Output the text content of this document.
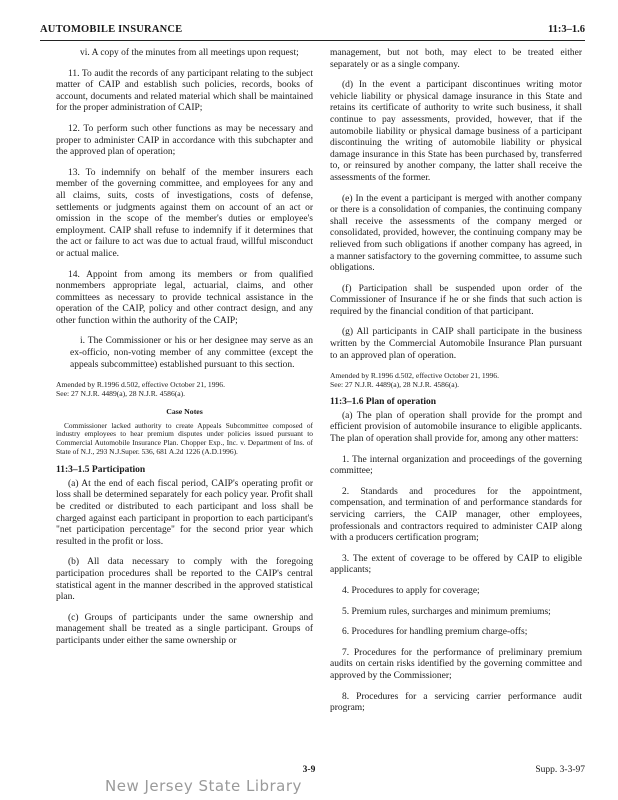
AUTOMOBILE INSURANCE	11:3–1.6

vi. A copy of the minutes from all meetings upon request;

11. To audit the records of any participant relating to the subject matter of CAIP and establish such policies, records, books of account, documents and related material which shall be maintained for the proper administration of CAIP;

12. To perform such other functions as may be necessary and proper to administer CAIP in accordance with this subchapter and the approved plan of operation;

13. To indemnify on behalf of the member insurers each member of the governing committee, and employees for any and all claims, suits, costs of investigations, costs of defense, settlements or judgments against them on account of an act or omission in the scope of the member's duties or employee's employment. CAIP shall refuse to indemnify if it determines that the act or failure to act was due to actual fraud, willful misconduct or actual malice.

14. Appoint from among its members or from qualified nonmembers appropriate legal, actuarial, claims, and other committees as necessary to provide technical assistance in the operation of the CAIP, policy and other contract design, and any other function within the authority of the CAIP;

i. The Commissioner or his or her designee may serve as an ex-officio, non-voting member of any committee (except the appeals subcommittee) established pursuant to this section.

Amended by R.1996 d.502, effective October 21, 1996.
See: 27 N.J.R. 4489(a), 28 N.J.R. 4586(a).

Case Notes

Commissioner lacked authority to create Appeals Subcommittee composed of industry employees to hear premium disputes under policies issued pursuant to Commercial Automobile Insurance Plan. Chopper Exp., Inc. v. Department of Ins. of State of N.J., 293 N.J.Super. 536, 681 A.2d 1226 (A.D.1996).

11:3–1.5 Participation

(a) At the end of each fiscal period, CAIP's operating profit or loss shall be determined separately for each policy year. Profit shall be credited or distributed to each participant and loss shall be charged against each participant in proportion to each participant's "net participation percentage" for the second prior year which resulted in the profit or loss.

(b) All data necessary to comply with the foregoing participation procedures shall be reported to the CAIP's central statistical agent in the manner described in the approved statistical plan.

(c) Groups of participants under the same ownership and management shall be treated as a single participant. Groups of participants under either the same ownership or

management, but not both, may elect to be treated either separately or as a single company.

(d) In the event a participant discontinues writing motor vehicle liability or physical damage insurance in this State and retains its certificate of authority to write such business, it shall continue to pay assessments, provided, however, that if the automobile liability or physical damage business of a participant discontinuing the writing of automobile liability or physical damage insurance in this State has been purchased by, transferred to, or reinsured by another company, the latter shall receive the assessments of the former.

(e) In the event a participant is merged with another company or there is a consolidation of companies, the continuing company shall receive the assessments of the company merged or consolidated, provided, however, the continuing company may be relieved from such obligations if another company has agreed, in a manner satisfactory to the governing committee, to assume such obligations.

(f) Participation shall be suspended upon order of the Commissioner of Insurance if he or she finds that such action is required by the financial condition of that participant.

(g) All participants in CAIP shall participate in the business written by the Commercial Automobile Insurance Plan pursuant to an approved plan of operation.

Amended by R.1996 d.502, effective October 21, 1996.
See: 27 N.J.R. 4489(a), 28 N.J.R. 4586(a).

11:3–1.6 Plan of operation

(a) The plan of operation shall provide for the prompt and efficient provision of automobile insurance to eligible applicants. The plan of operation shall provide for, among any other matters:

1. The internal organization and proceedings of the governing committee;

2. Standards and procedures for the appointment, compensation, and termination of and performance standards for servicing carriers, the CAIP manager, other employees, professionals and contractors required to administer CAIP along with a producers certification program;

3. The extent of coverage to be offered by CAIP to eligible applicants;

4. Procedures to apply for coverage;

5. Premium rules, surcharges and minimum premiums;

6. Procedures for handling premium charge-offs;

7. Procedures for the performance of preliminary premium audits on certain risks identified by the governing committee and approved by the Commissioner;

8. Procedures for a servicing carrier performance audit program;

3-9	Supp. 3-3-97
New Jersey State Library
